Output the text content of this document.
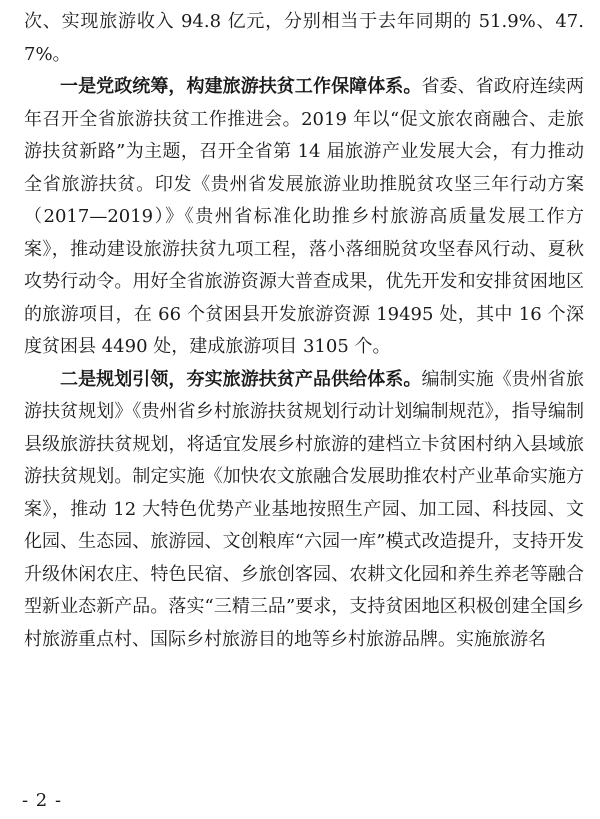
次、实现旅游收入 94.8 亿元，分别相当于去年同期的 51.9%、47.7%。

一是党政统筹，构建旅游扶贫工作保障体系。省委、省政府连续两年召开全省旅游扶贫工作推进会。2019 年以“促文旅农商融合、走旅游扶贫新路”为主题，召开全省第 14 届旅游产业发展大会，有力推动全省旅游扶贫。印发《贵州省发展旅游业助推脱贫攻坚三年行动方案（2017—2019）》《贵州省标准化助推乡村旅游高质量发展工作方案》，推动建设旅游扶贫九项工程，落小落细脱贫攻坚春风行动、夏秋攻势行动令。用好全省旅游资源大普查成果，优先开发和安排贫困地区的旅游项目，在 66 个贫困县开发旅游资源 19495 处，其中 16 个深度贫困县 4490 处，建成旅游项目 3105 个。

二是规划引领，夯实旅游扶贫产品供给体系。编制实施《贵州省旅游扶贫规划》《贵州省乡村旅游扶贫规划行动计划编制规范》，指导编制县级旅游扶贫规划，将适宜发展乡村旅游的建档立卡贫困村纳入县域旅游扶贫规划。制定实施《加快农文旅融合发展助推农村产业革命实施方案》，推动 12 大特色优势产业基地按照生产园、加工园、科技园、文化园、生态园、旅游园、文创粮库“六园一库”模式改造提升，支持开发升级休闲农庄、特色民宿、乡旅创客园、农耕文化园和养生养老等融合型新业态新产品。落实“三精三品”要求，支持贫困地区积极创建全国乡村旅游重点村、国际乡村旅游目的地等乡村旅游品牌。实施旅游名

- 2 -
